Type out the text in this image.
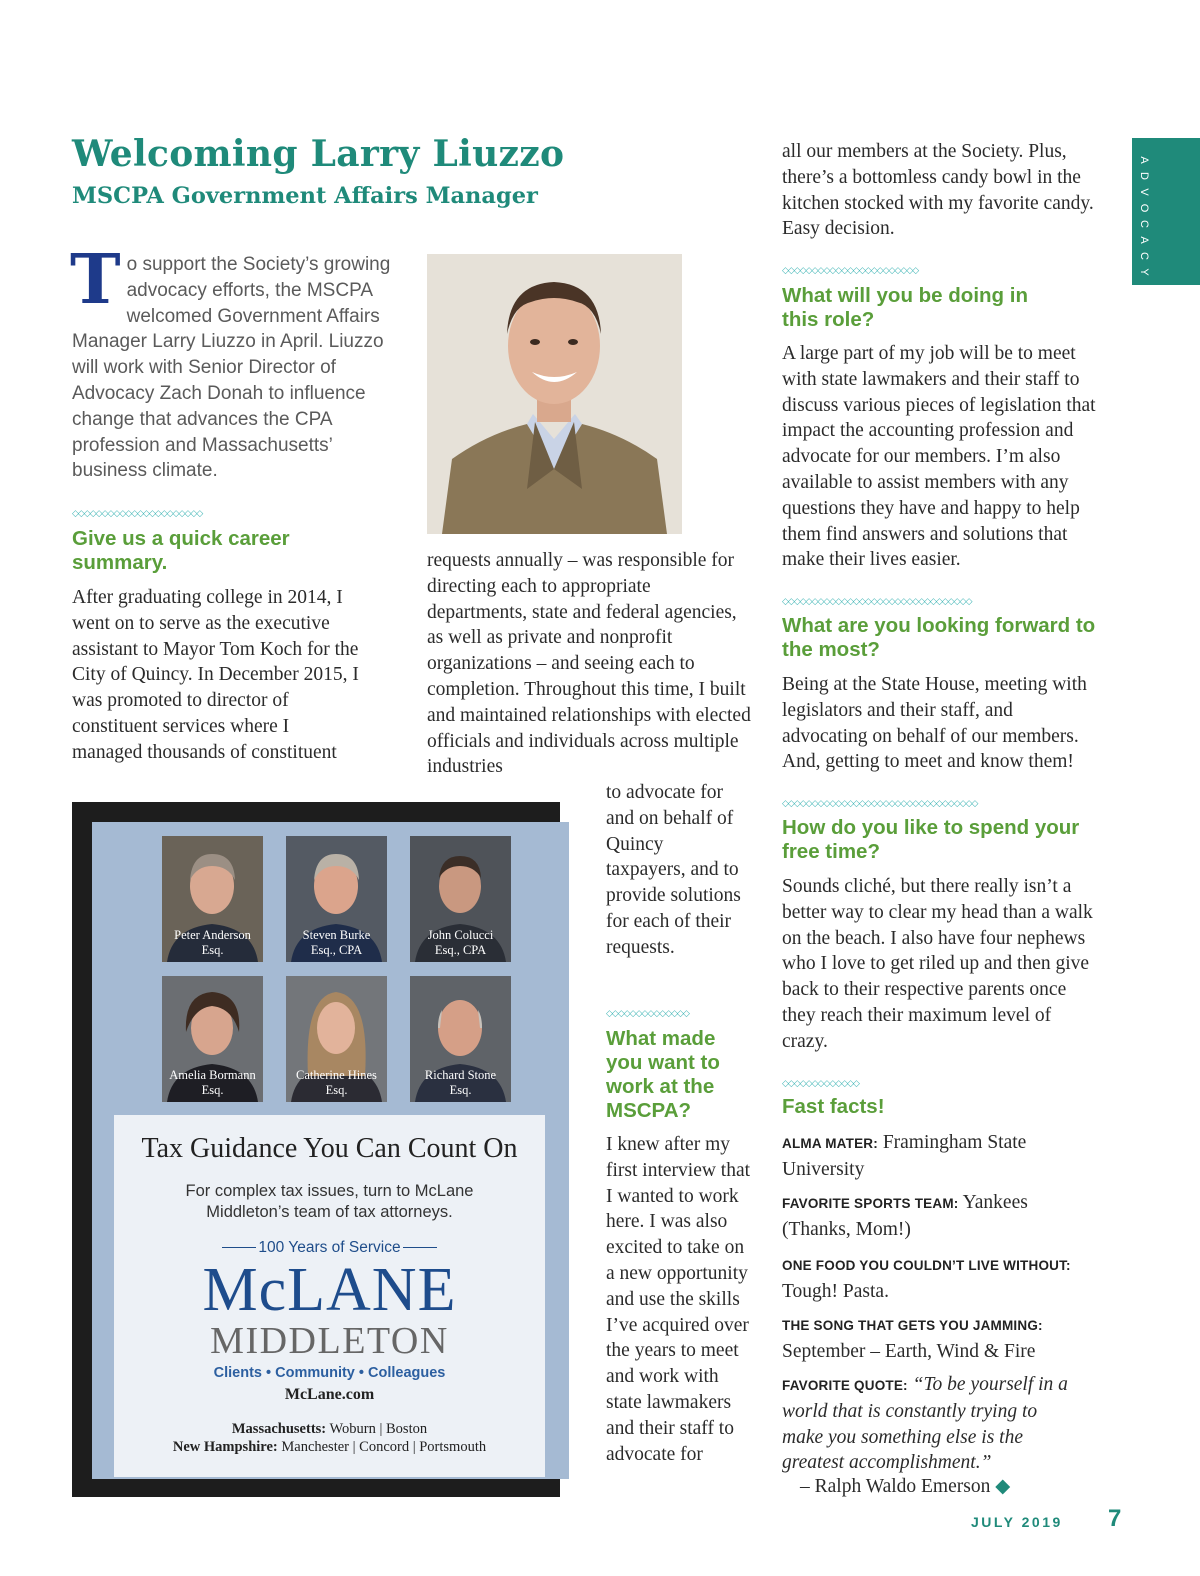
Welcoming Larry Liuzzo
MSCPA Government Affairs Manager
To support the Society’s growing advocacy efforts, the MSCPA welcomed Government Affairs Manager Larry Liuzzo in April. Liuzzo will work with Senior Director of Advocacy Zach Donah to influence change that advances the CPA profession and Massachusetts’ business climate.
◇◇◇◇◇◇◇◇◇◇◇◇◇◇◇◇◇◇◇◇◇◇
Give us a quick career summary.
After graduating college in 2014, I went on to serve as the executive assistant to Mayor Tom Koch for the City of Quincy. In December 2015, I was promoted to director of constituent services where I managed thousands of constituent
requests annually – was responsible for directing each to appropriate departments, state and federal agencies, as well as private and nonprofit organizations – and seeing each to completion. Throughout this time, I built and maintained relationships with elected officials and individuals across multiple industries
to advocate for and on behalf of Quincy taxpayers, and to provide solutions for each of their requests.
◇◇◇◇◇◇◇◇◇◇◇◇◇◇
What made you want to work at the MSCPA?
I knew after my first interview that I wanted to work here. I was also excited to take on a new opportunity and use the skills I’ve acquired over the years to meet and work with state lawmakers and their staff to advocate for
all our members at the Society. Plus, there’s a bottomless candy bowl in the kitchen stocked with my favorite candy. Easy decision.
◇◇◇◇◇◇◇◇◇◇◇◇◇◇◇◇◇◇◇◇◇◇◇
What will you be doing in this role?
A large part of my job will be to meet with state lawmakers and their staff to discuss various pieces of legislation that impact the accounting profession and advocate for our members. I’m also available to assist members with any questions they have and happy to help them find answers and solutions that make their lives easier.
◇◇◇◇◇◇◇◇◇◇◇◇◇◇◇◇◇◇◇◇◇◇◇◇◇◇◇◇◇◇◇◇
What are you looking forward to the most?
Being at the State House, meeting with legislators and their staff, and advocating on behalf of our members. And, getting to meet and know them!
◇◇◇◇◇◇◇◇◇◇◇◇◇◇◇◇◇◇◇◇◇◇◇◇◇◇◇◇◇◇◇◇◇
How do you like to spend your free time?
Sounds cliché, but there really isn’t a better way to clear my head than a walk on the beach. I also have four nephews who I love to get riled up and then give back to their respective parents once they reach their maximum level of crazy.
◇◇◇◇◇◇◇◇◇◇◇◇◇
Fast facts!
ALMA MATER: Framingham State University
FAVORITE SPORTS TEAM: Yankees (Thanks, Mom!)
ONE FOOD YOU COULDN’T LIVE WITHOUT: Tough! Pasta.
THE SONG THAT GETS YOU JAMMING: September – Earth, Wind & Fire
FAVORITE QUOTE: “To be yourself in a world that is constantly trying to make you something else is the greatest accomplishment.”
– Ralph Waldo Emerson ◆
A
D
V
O
C
A
C
Y
Peter Anderson
Esq.
Steven Burke
Esq., CPA
John Colucci
Esq., CPA
Amelia Bormann
Esq.
Catherine Hines
Esq.
Richard Stone
Esq.
Tax Guidance You Can Count On
For complex tax issues, turn to McLane Middleton’s team of tax attorneys.
100 Years of Service
McLANE
MIDDLETON
Clients • Community • Colleagues
McLane.com
Massachusetts: Woburn | Boston
New Hampshire: Manchester | Concord | Portsmouth
JULY 2019 7
